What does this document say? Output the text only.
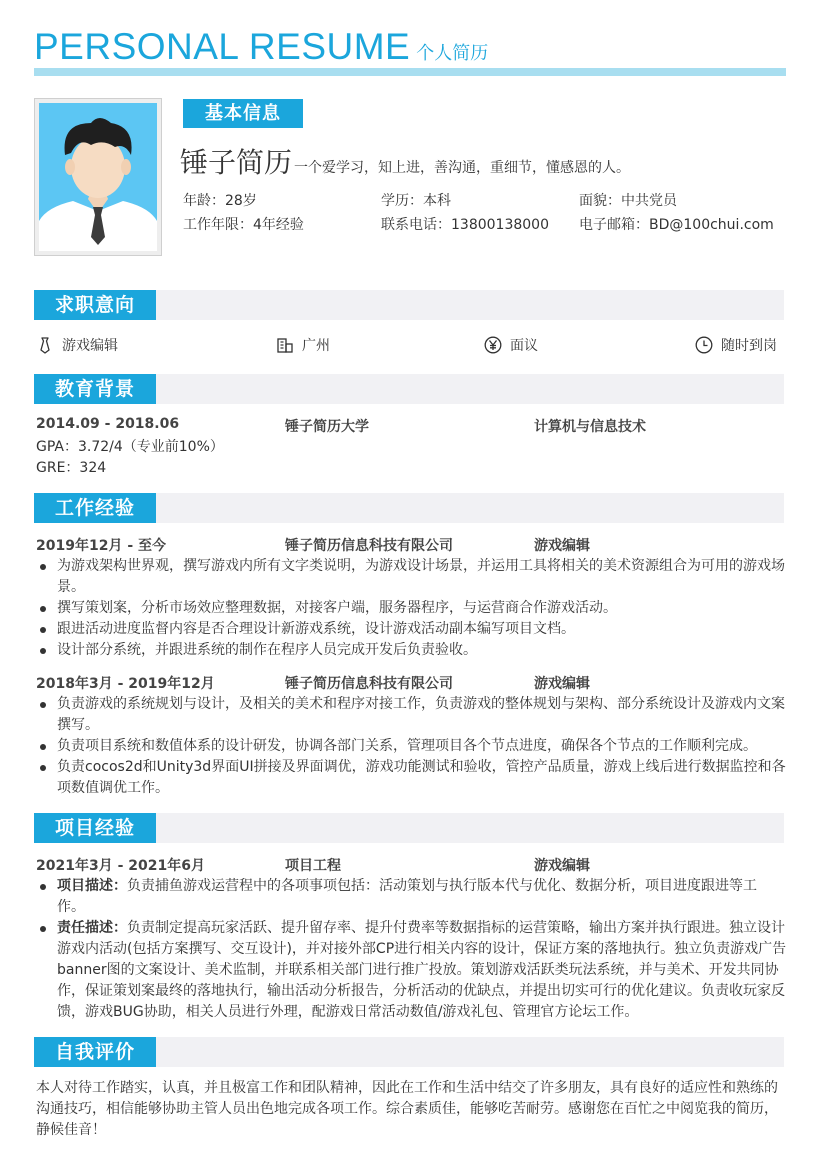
PERSONAL RESUME 个人简历
基本信息
锤子简历 一个爱学习，知上进，善沟通，重细节，懂感恩的人。
年龄：28岁	学历：本科	面貌：中共党员
工作年限：4年经验	联系电话：13800138000	电子邮箱：BD@100chui.com
求职意向
游戏编辑	广州	面议	随时到岗
教育背景
2014.09 - 2018.06	锤子简历大学	计算机与信息技术
GPA：3.72/4（专业前10%）
GRE：324
工作经验
2019年12月 - 至今	锤子简历信息科技有限公司	游戏编辑
为游戏架构世界观，撰写游戏内所有文字类说明，为游戏设计场景，并运用工具将相关的美术资源组合为可用的游戏场景。
撰写策划案，分析市场效应整理数据，对接客户端，服务器程序，与运营商合作游戏活动。
跟进活动进度监督内容是否合理设计新游戏系统，设计游戏活动副本编写项目文档。
设计部分系统，并跟进系统的制作在程序人员完成开发后负责验收。
2018年3月 - 2019年12月	锤子简历信息科技有限公司	游戏编辑
负责游戏的系统规划与设计，及相关的美术和程序对接工作，负责游戏的整体规划与架构、部分系统设计及游戏内文案撰写。
负责项目系统和数值体系的设计研发，协调各部门关系，管理项目各个节点进度，确保各个节点的工作顺利完成。
负责cocos2d和Unity3d界面UI拼接及界面调优，游戏功能测试和验收，管控产品质量，游戏上线后进行数据监控和各项数值调优工作。
项目经验
2021年3月 - 2021年6月	项目工程	游戏编辑
项目描述：负责捕鱼游戏运营程中的各项事项包括：活动策划与执行版本代与优化、数据分析，项目进度跟进等工　作。
责任描述：负责制定提高玩家活跃、提升留存率、提升付费率等数据指标的运营策略，输出方案并执行跟进。独立设计游戏内活动(包括方案撰写、交互设计)，并对接外部CP进行相关内容的设计，保证方案的落地执行。独立负责游戏广告banner图的文案设计、美术监制，并联系相关部门进行推广投放。策划游戏活跃类玩法系统，并与美术、开发共同协作，保证策划案最终的落地执行，输出活动分析报告，分析活动的优缺点，并提出切实可行的优化建议。负责收玩家反馈，游戏BUG协助，相关人员进行外理，配游戏日常活动数值/游戏礼包、管理官方论坛工作。
自我评价
本人对待工作踏实，认真，并且极富工作和团队精神，因此在工作和生活中结交了许多朋友，具有良好的适应性和熟练的沟通技巧，相信能够协助主管人员出色地完成各项工作。综合素质佳，能够吃苦耐劳。感谢您在百忙之中阅览我的简历，静候佳音！
